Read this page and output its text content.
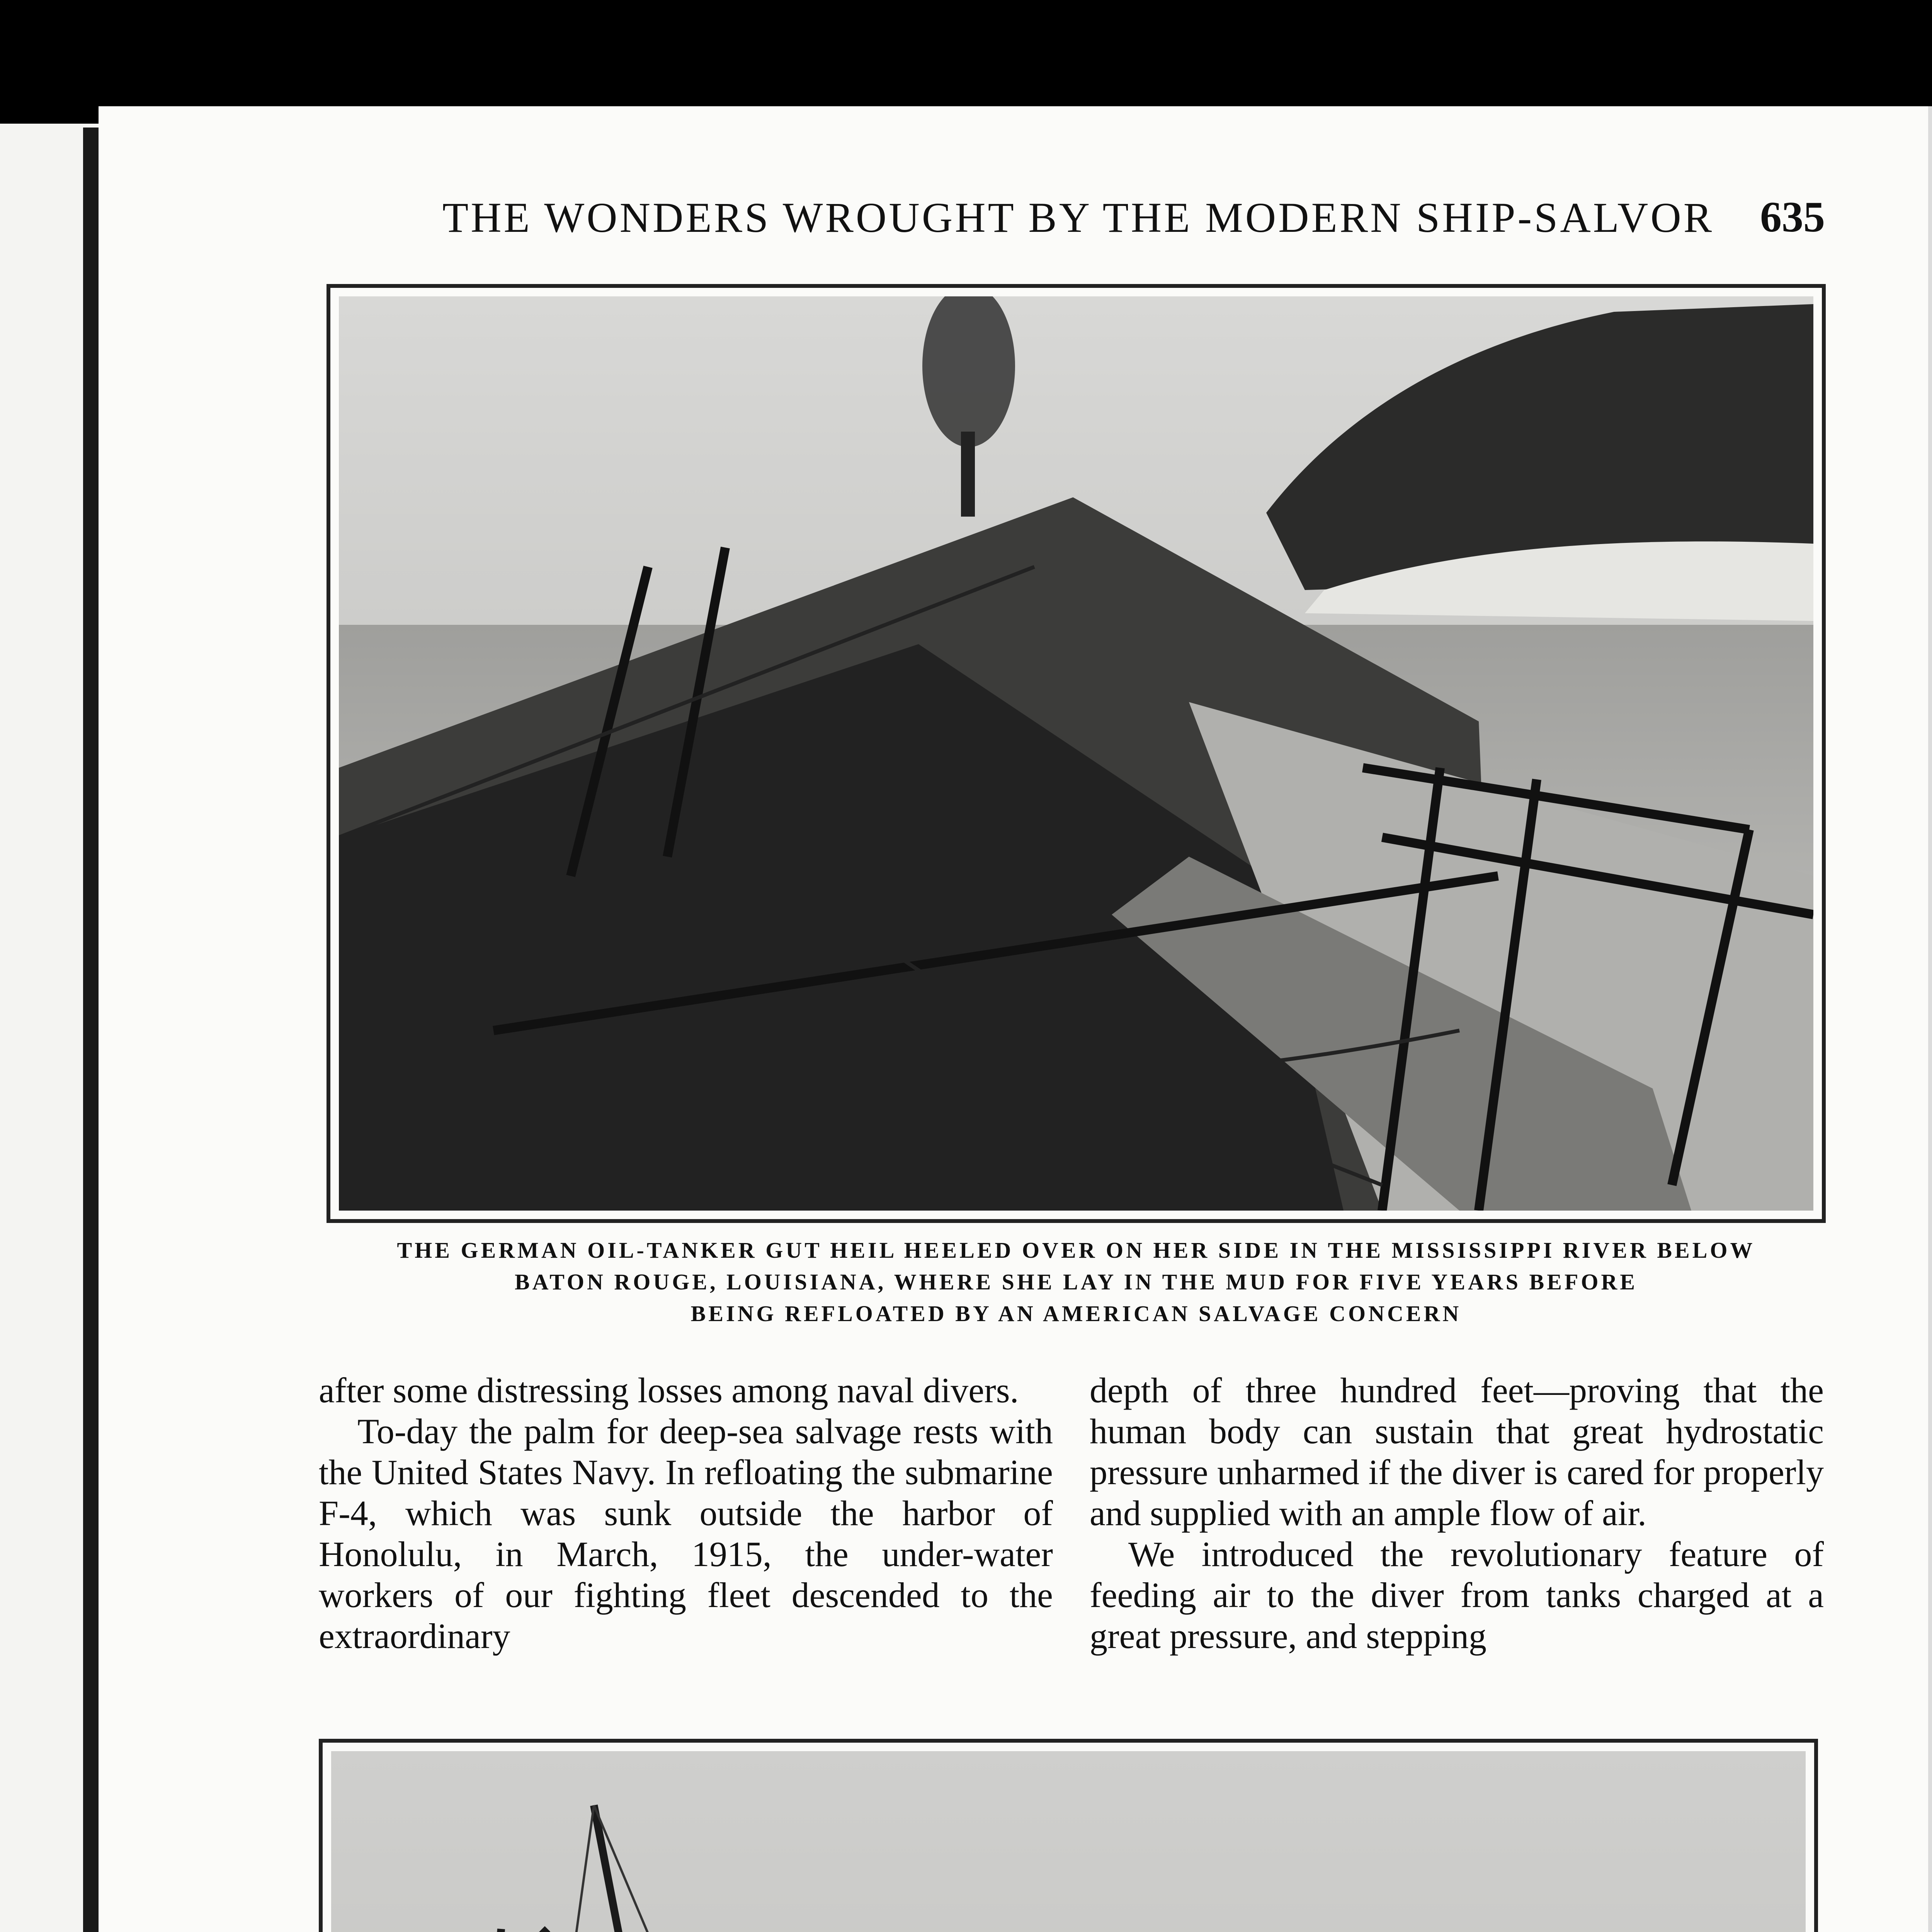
THE WONDERS WROUGHT BY THE MODERN SHIP-SALVOR	635
THE GERMAN OIL-TANKER GUT HEIL HEELED OVER ON HER SIDE IN THE MISSISSIPPI RIVER BELOW
BATON ROUGE, LOUISIANA, WHERE SHE LAY IN THE MUD FOR FIVE YEARS BEFORE
BEING REFLOATED BY AN AMERICAN SALVAGE CONCERN

after some distressing losses among naval divers.

To-day the palm for deep-sea salvage rests with the United States Navy. In refloating the submarine F-4, which was sunk outside the harbor of Honolulu, in March, 1915, the under-water workers of our fighting fleet descended to the extraordinary

depth of three hundred feet—proving that the human body can sustain that great hydrostatic pressure unharmed if the diver is cared for properly and supplied with an ample flow of air.

We introduced the revolutionary feature of feeding air to the diver from tanks charged at a great pressure, and stepping
